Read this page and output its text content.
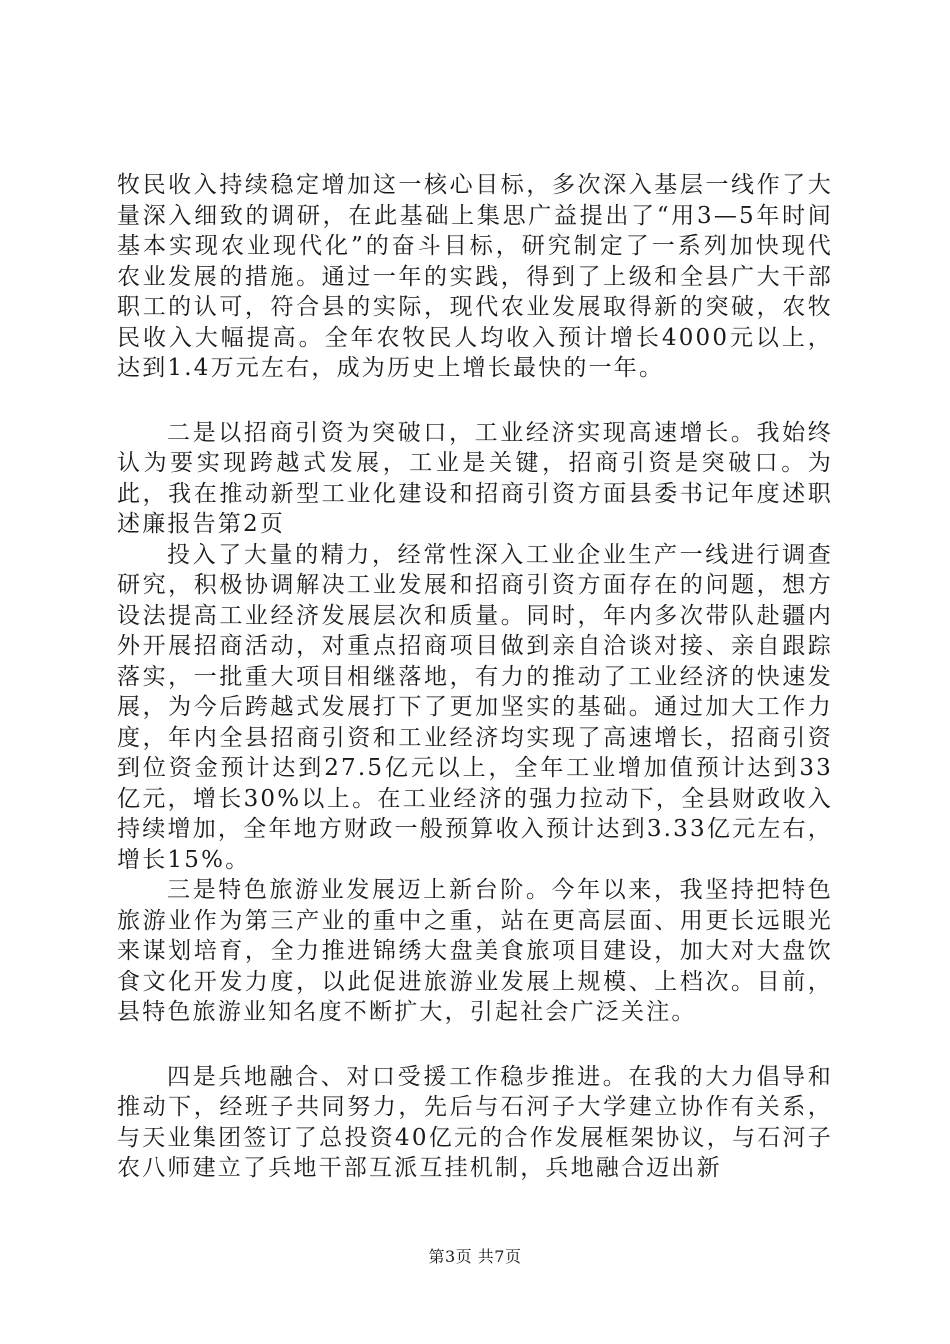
牧民收入持续稳定增加这一核心目标，多次深入基层一线作了大量深入细致的调研，在此基础上集思广益提出了“用3—5年时间基本实现农业现代化”的奋斗目标，研究制定了一系列加快现代农业发展的措施。通过一年的实践，得到了上级和全县广大干部职工的认可，符合县的实际，现代农业发展取得新的突破，农牧民收入大幅提高。全年农牧民人均收入预计增长4000元以上，达到1.4万元左右，成为历史上增长最快的一年。

二是以招商引资为突破口，工业经济实现高速增长。我始终认为要实现跨越式发展，工业是关键，招商引资是突破口。为此，我在推动新型工业化建设和招商引资方面县委书记年度述职述廉报告第2页

投入了大量的精力，经常性深入工业企业生产一线进行调查研究，积极协调解决工业发展和招商引资方面存在的问题，想方设法提高工业经济发展层次和质量。同时，年内多次带队赴疆内外开展招商活动，对重点招商项目做到亲自洽谈对接、亲自跟踪落实，一批重大项目相继落地，有力的推动了工业经济的快速发展，为今后跨越式发展打下了更加坚实的基础。通过加大工作力度，年内全县招商引资和工业经济均实现了高速增长，招商引资到位资金预计达到27.5亿元以上，全年工业增加值预计达到33亿元，增长30%以上。在工业经济的强力拉动下，全县财政收入持续增加，全年地方财政一般预算收入预计达到3.33亿元左右，增长15%。

三是特色旅游业发展迈上新台阶。今年以来，我坚持把特色旅游业作为第三产业的重中之重，站在更高层面、用更长远眼光来谋划培育，全力推进锦绣大盘美食旅项目建设，加大对大盘饮食文化开发力度，以此促进旅游业发展上规模、上档次。目前，县特色旅游业知名度不断扩大，引起社会广泛关注。

四是兵地融合、对口受援工作稳步推进。在我的大力倡导和推动下，经班子共同努力，先后与石河子大学建立协作有关系，与天业集团签订了总投资40亿元的合作发展框架协议，与石河子农八师建立了兵地干部互派互挂机制，兵地融合迈出新

第3页 共7页
